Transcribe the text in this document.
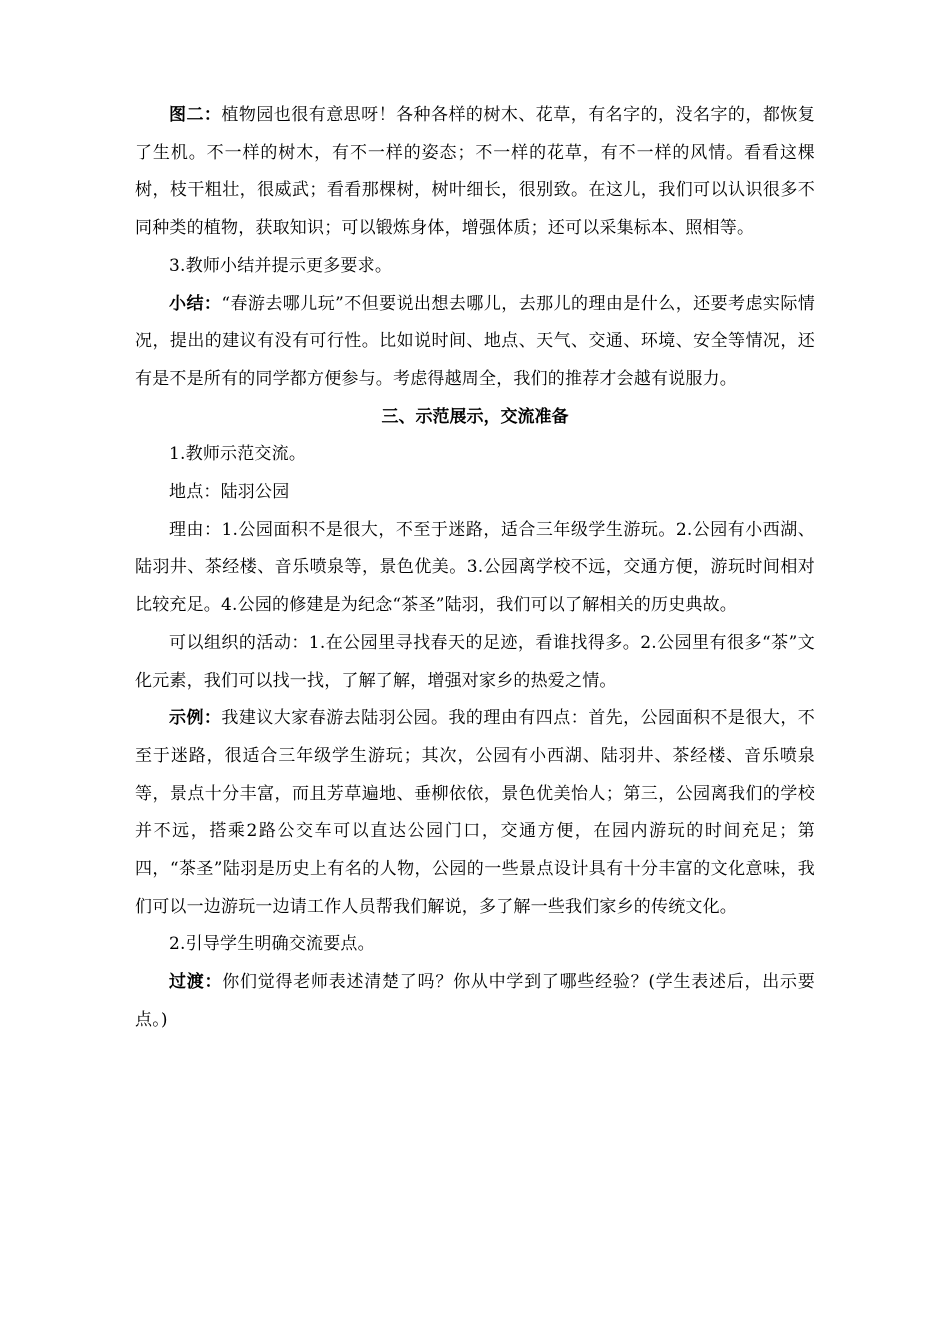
图二：植物园也很有意思呀！各种各样的树木、花草，有名字的，没名字的，都恢复了生机。不一样的树木，有不一样的姿态；不一样的花草，有不一样的风情。看看这棵树，枝干粗壮，很威武；看看那棵树，树叶细长，很别致。在这儿，我们可以认识很多不同种类的植物，获取知识；可以锻炼身体，增强体质；还可以采集标本、照相等。

3.教师小结并提示更多要求。

小结：“春游去哪儿玩”不但要说出想去哪儿，去那儿的理由是什么，还要考虑实际情况，提出的建议有没有可行性。比如说时间、地点、天气、交通、环境、安全等情况，还有是不是所有的同学都方便参与。考虑得越周全，我们的推荐才会越有说服力。

三、示范展示，交流准备

1.教师示范交流。

地点：陆羽公园

理由：1.公园面积不是很大，不至于迷路，适合三年级学生游玩。2.公园有小西湖、陆羽井、茶经楼、音乐喷泉等，景色优美。3.公园离学校不远，交通方便，游玩时间相对比较充足。4.公园的修建是为纪念“茶圣”陆羽，我们可以了解相关的历史典故。

可以组织的活动：1.在公园里寻找春天的足迹，看谁找得多。2.公园里有很多“茶”文化元素，我们可以找一找，了解了解，增强对家乡的热爱之情。

示例：我建议大家春游去陆羽公园。我的理由有四点：首先，公园面积不是很大，不至于迷路，很适合三年级学生游玩；其次，公园有小西湖、陆羽井、茶经楼、音乐喷泉等，景点十分丰富，而且芳草遍地、垂柳依依，景色优美怡人；第三，公园离我们的学校并不远，搭乘2路公交车可以直达公园门口，交通方便，在园内游玩的时间充足；第四，“茶圣”陆羽是历史上有名的人物，公园的一些景点设计具有十分丰富的文化意味，我们可以一边游玩一边请工作人员帮我们解说，多了解一些我们家乡的传统文化。

2.引导学生明确交流要点。

过渡：你们觉得老师表述清楚了吗？你从中学到了哪些经验？(学生表述后，出示要点。)
